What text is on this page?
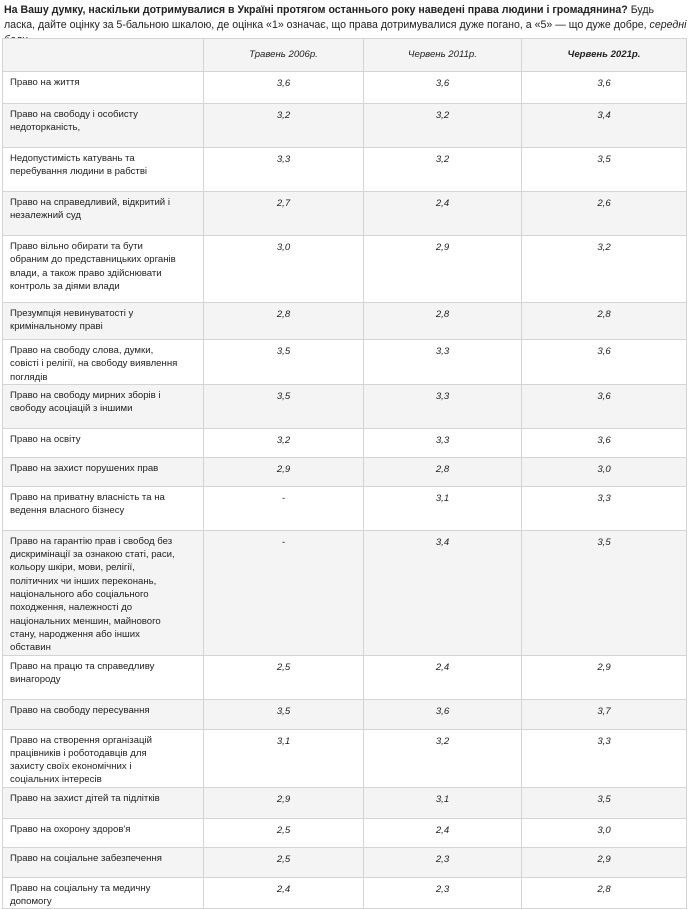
На Вашу думку, наскільки дотримувалися в Україні протягом останнього року наведені права людини і громадянина? Будь ласка, дайте оцінку за 5-бальною шкалою, де оцінка «1» означає, що права дотримувалися дуже погано, а «5» — що дуже добре, середні
	Травень 2006р.	Червень 2011р.	Червень 2021р.
Право на життя	3,6	3,6	3,6
Право на свободу і особисту недоторканість,	3,2	3,2	3,4
Недопустимість катувань та перебування людини в рабстві	3,3	3,2	3,5
Право на справедливий, відкритий і незалежний суд	2,7	2,4	2,6
Право вільно обирати та бути обраним до представницьких органів влади, а також право здійснювати контроль за діями влади	3,0	2,9	3,2
Презумпція невинуватості у кримінальному праві	2,8	2,8	2,8
Право на свободу слова, думки, совісті і релігії, на свободу виявлення поглядів	3,5	3,3	3,6
Право на свободу мирних зборів і свободу асоціацій з іншими	3,5	3,3	3,6
Право на освіту	3,2	3,3	3,6
Право на захист порушених прав	2,9	2,8	3,0
Право на приватну власність та на ведення власного бізнесу	-	3,1	3,3
Право на гарантію прав і свобод без дискримінації за ознакою статі, раси, кольору шкіри, мови, релігії, політичних чи інших переконань, національного або соціального походження, належності до національних меншин, майнового стану, народження або інших обставин	-	3,4	3,5
Право на працю та справедливу винагороду	2,5	2,4	2,9
Право на свободу пересування	3,5	3,6	3,7
Право на створення організацій працівників і роботодавців для захисту своїх економічних і соціальних інтересів	3,1	3,2	3,3
Право на захист дітей та підлітків	2,9	3,1	3,5
Право на охорону здоров'я	2,5	2,4	3,0
Право на соціальне забезпечення	2,5	2,3	2,9
Право на соціальну та медичну допомогу	2,4	2,3	2,8
